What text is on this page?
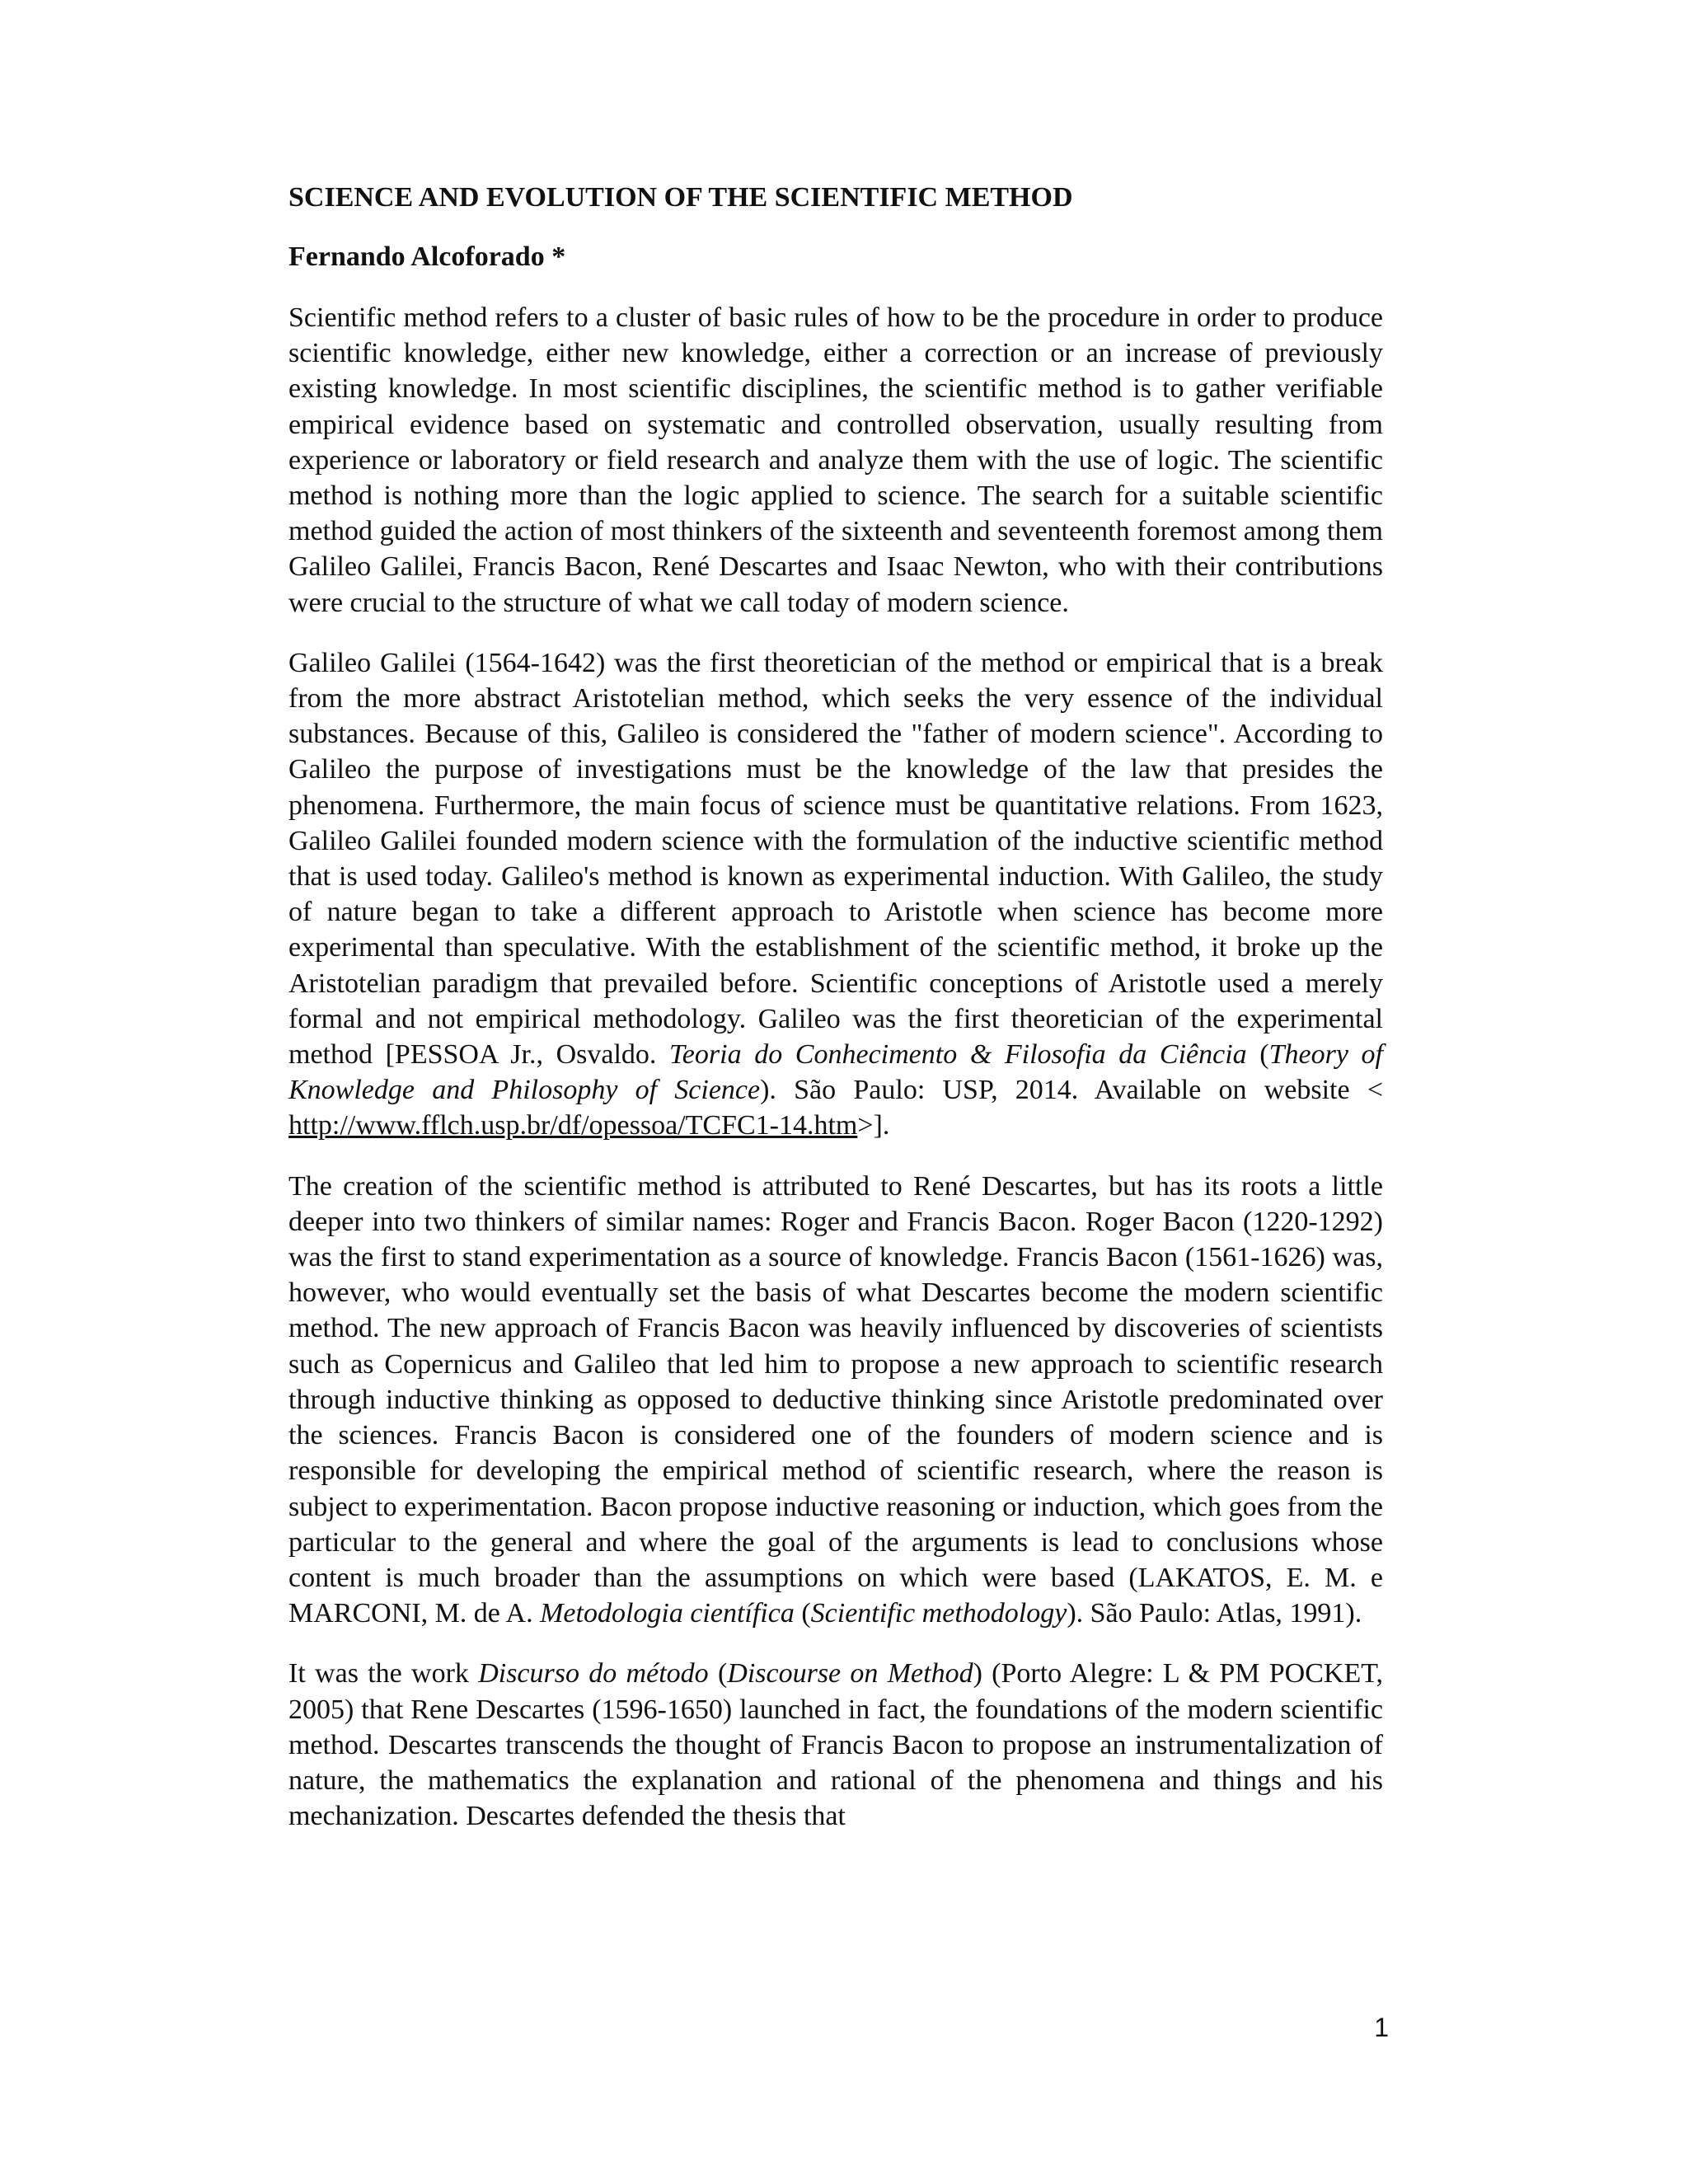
SCIENCE AND EVOLUTION OF THE SCIENTIFIC METHOD
Fernando Alcoforado *

Scientific method refers to a cluster of basic rules of how to be the procedure in order to produce scientific knowledge, either new knowledge, either a correction or an increase of previously existing knowledge. In most scientific disciplines, the scientific method is to gather verifiable empirical evidence based on systematic and controlled observation, usually resulting from experience or laboratory or field research and analyze them with the use of logic. The scientific method is nothing more than the logic applied to science. The search for a suitable scientific method guided the action of most thinkers of the sixteenth and seventeenth foremost among them Galileo Galilei, Francis Bacon, René Descartes and Isaac Newton, who with their contributions were crucial to the structure of what we call today of modern science.

Galileo Galilei (1564-1642) was the first theoretician of the method or empirical that is a break from the more abstract Aristotelian method, which seeks the very essence of the individual substances. Because of this, Galileo is considered the "father of modern science". According to Galileo the purpose of investigations must be the knowledge of the law that presides the phenomena. Furthermore, the main focus of science must be quantitative relations. From 1623, Galileo Galilei founded modern science with the formulation of the inductive scientific method that is used today. Galileo's method is known as experimental induction. With Galileo, the study of nature began to take a different approach to Aristotle when science has become more experimental than speculative. With the establishment of the scientific method, it broke up the Aristotelian paradigm that prevailed before. Scientific conceptions of Aristotle used a merely formal and not empirical methodology. Galileo was the first theoretician of the experimental method [PESSOA Jr., Osvaldo. Teoria do Conhecimento & Filosofia da Ciência (Theory of Knowledge and Philosophy of Science). São Paulo: USP, 2014. Available on website < http://www.fflch.usp.br/df/opessoa/TCFC1-14.htm>].

The creation of the scientific method is attributed to René Descartes, but has its roots a little deeper into two thinkers of similar names: Roger and Francis Bacon. Roger Bacon (1220-1292) was the first to stand experimentation as a source of knowledge. Francis Bacon (1561-1626) was, however, who would eventually set the basis of what Descartes become the modern scientific method. The new approach of Francis Bacon was heavily influenced by discoveries of scientists such as Copernicus and Galileo that led him to propose a new approach to scientific research through inductive thinking as opposed to deductive thinking since Aristotle predominated over the sciences. Francis Bacon is considered one of the founders of modern science and is responsible for developing the empirical method of scientific research, where the reason is subject to experimentation. Bacon propose inductive reasoning or induction, which goes from the particular to the general and where the goal of the arguments is lead to conclusions whose content is much broader than the assumptions on which were based (LAKATOS, E. M. e MARCONI, M. de A. Metodologia científica (Scientific methodology). São Paulo: Atlas, 1991).

It was the work Discurso do método (Discourse on Method) (Porto Alegre: L & PM POCKET, 2005) that Rene Descartes (1596-1650) launched in fact, the foundations of the modern scientific method. Descartes transcends the thought of Francis Bacon to propose an instrumentalization of nature, the mathematics the explanation and rational of the phenomena and things and his mechanization. Descartes defended the thesis that

1
